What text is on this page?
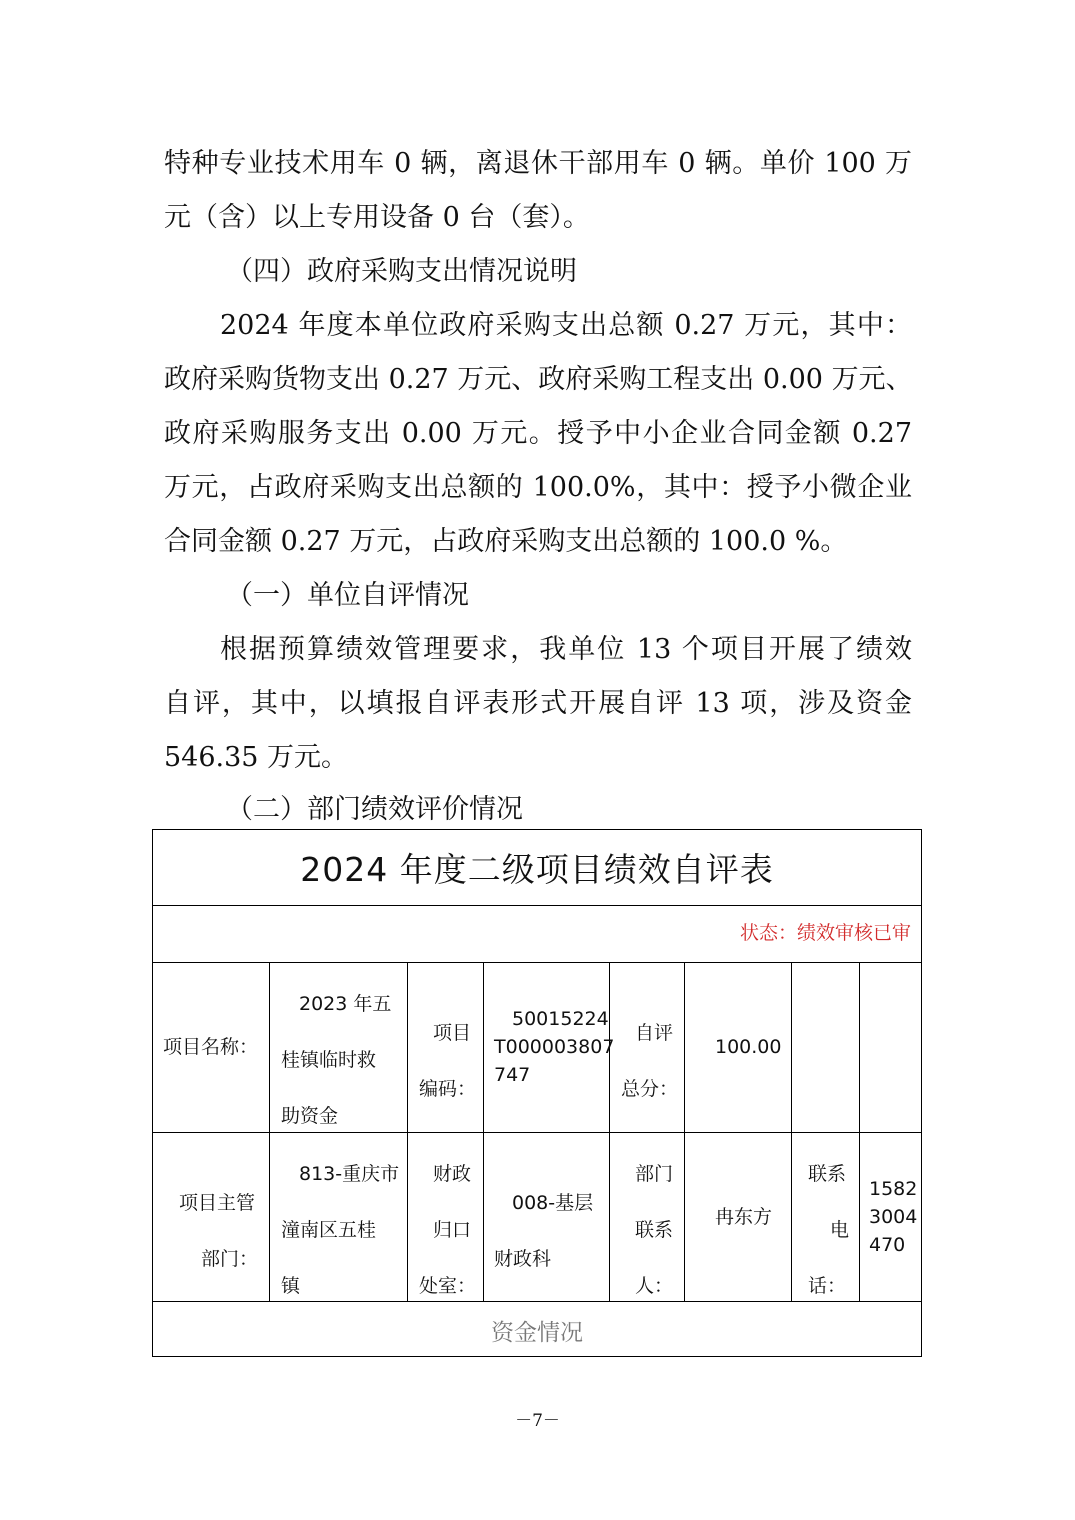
特种专业技术用车 0 辆，离退休干部用车 0 辆。单价 100 万
元（含）以上专用设备 0 台（套）。
（四）政府采购支出情况说明
2024 年度本单位政府采购支出总额 0.27 万元，其中：
政府采购货物支出 0.27 万元、政府采购工程支出 0.00 万元、
政府采购服务支出 0.00 万元。授予中小企业合同金额 0.27
万元，占政府采购支出总额的 100.0%，其中：授予小微企业
合同金额 0.27 万元，占政府采购支出总额的 100.0 %。
（一）单位自评情况
根据预算绩效管理要求，我单位 13 个项目开展了绩效
自评，其中，以填报自评表形式开展自评 13 项，涉及资金
546.35 万元。
（二）部门绩效评价情况
2024 年度二级项目绩效自评表
状态：绩效审核已审
项目名称：
2023 年五
桂镇临时救
助资金
项目
编码：
50015224
T000003807
747
自评
总分：
100.00
项目主管
部门：
813-重庆市
潼南区五桂
镇
财政
归口
处室：
008-基层
财政科
部门
联系
人：
冉东方
联系
电
话：
1582
3004
470
资金情况
－7－
